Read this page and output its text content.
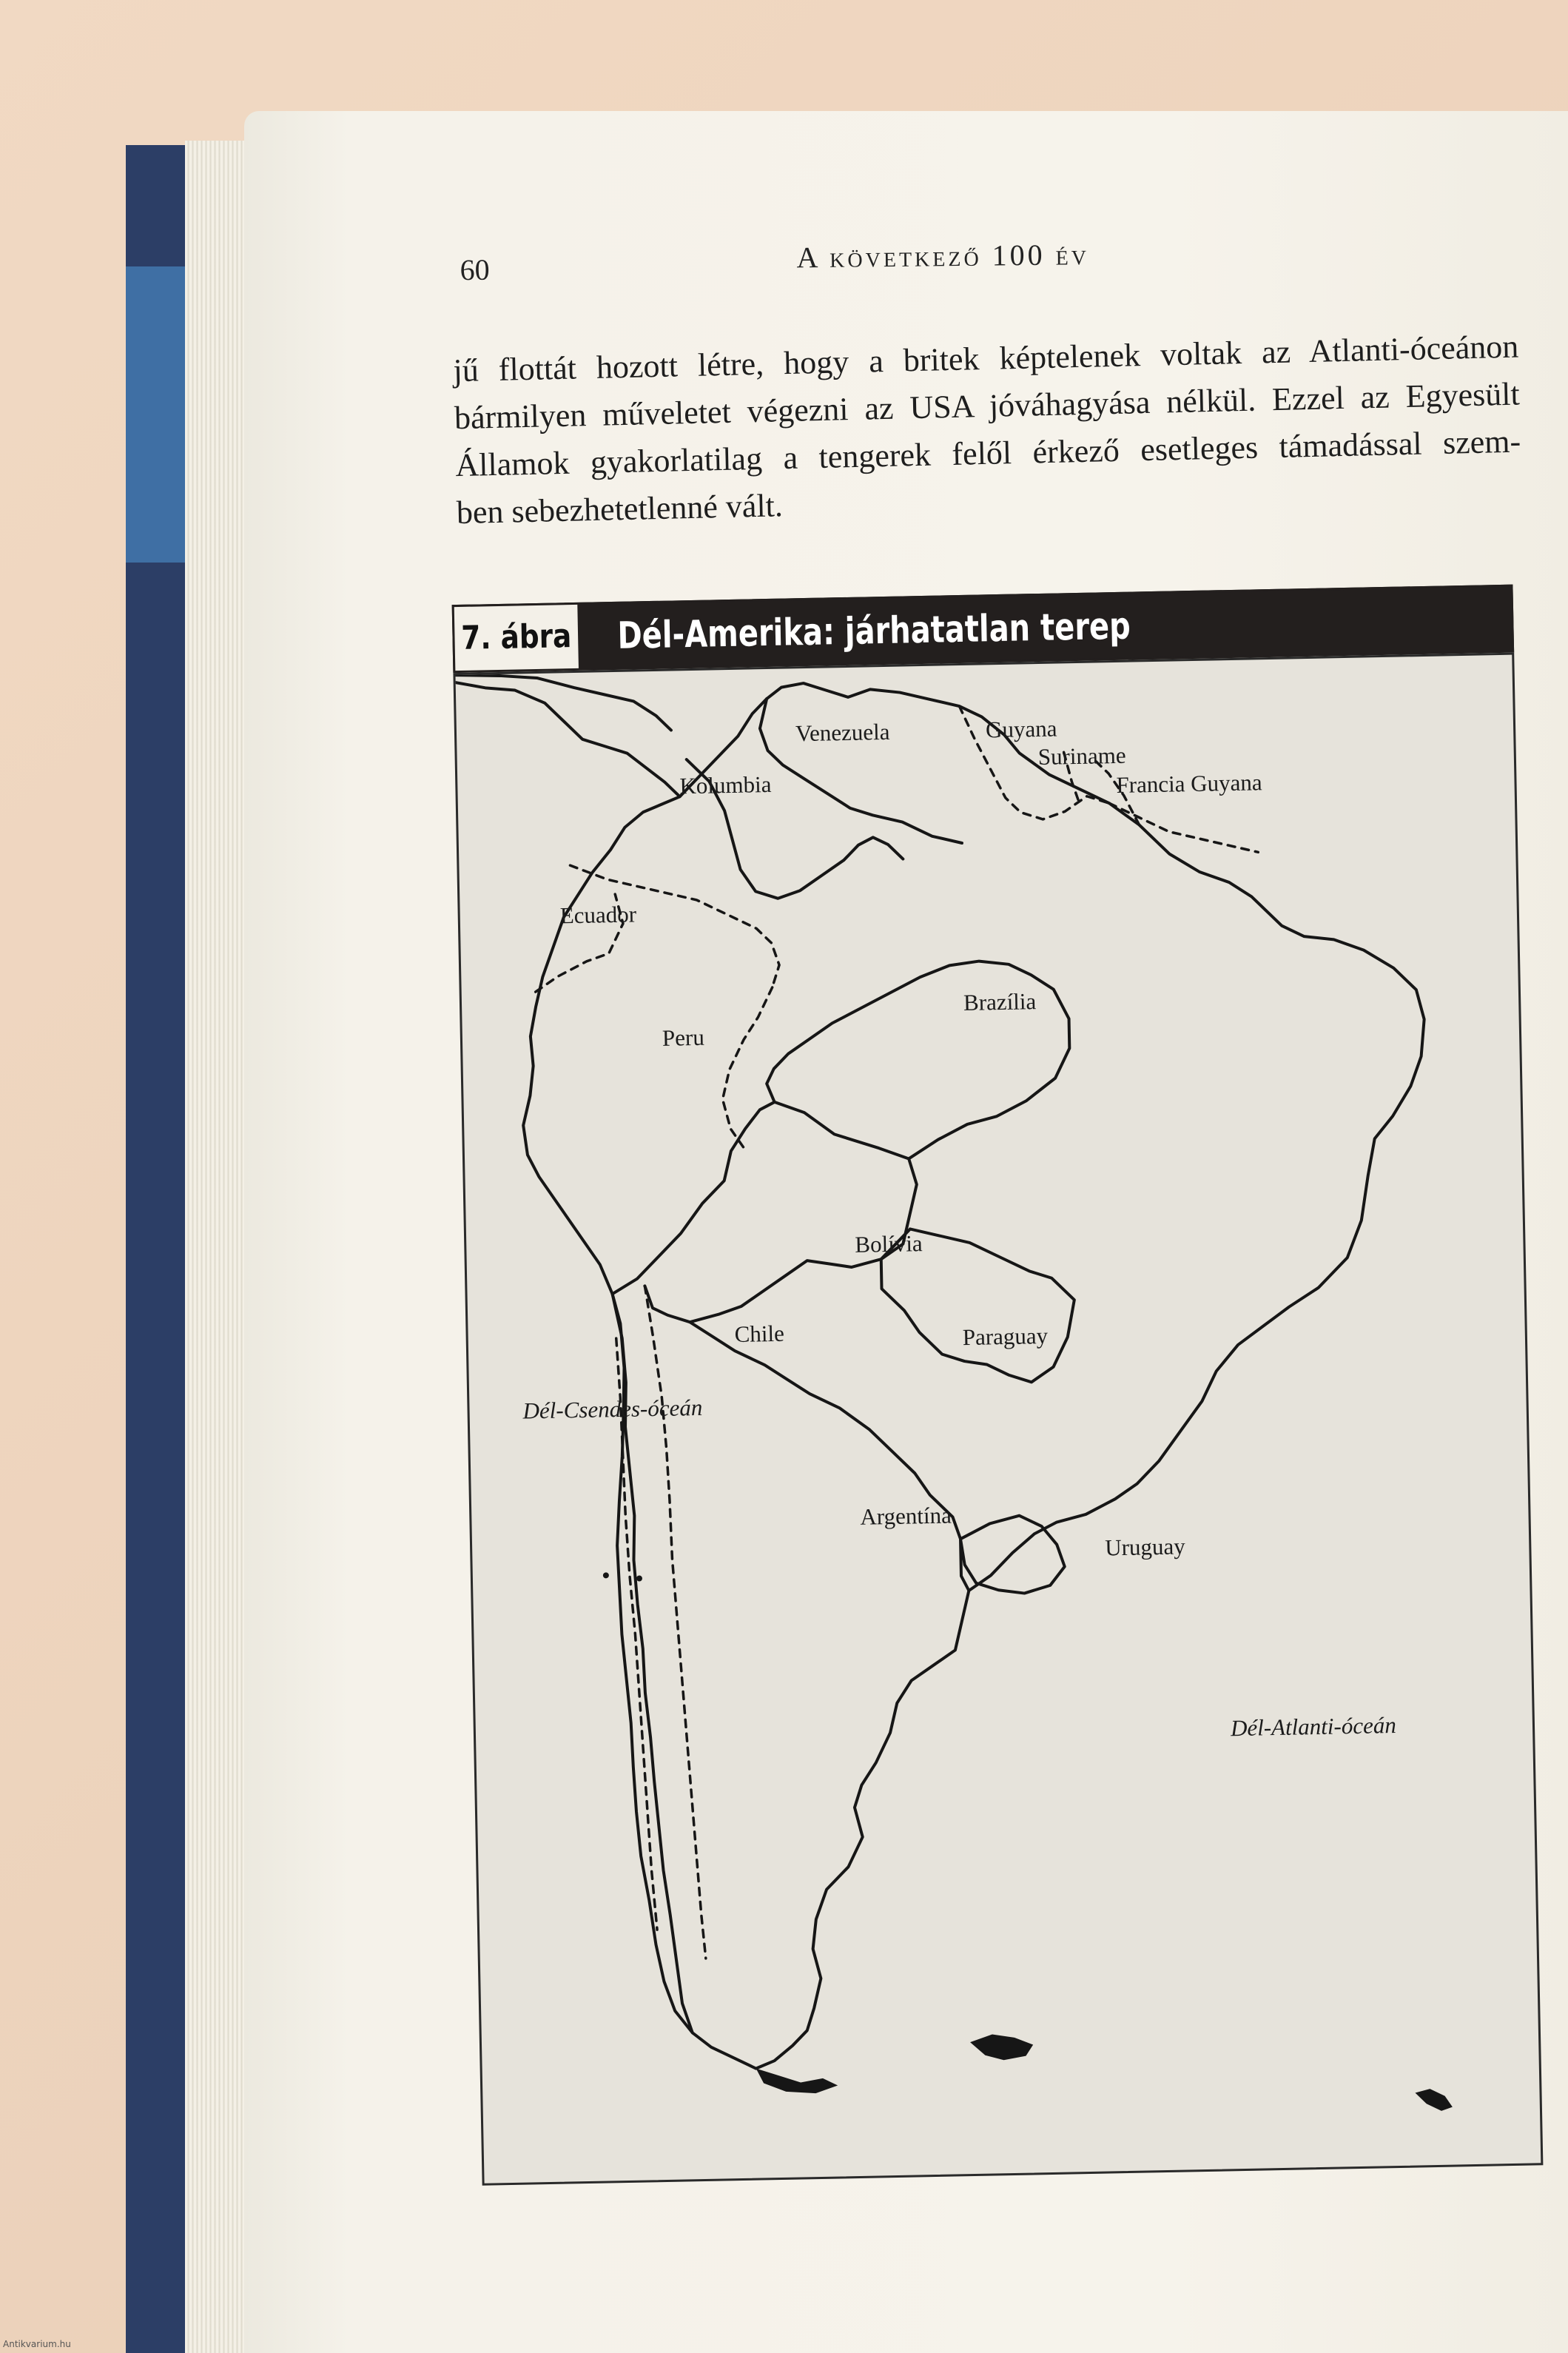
60	A következő 100 év
jű flottát hozott létre, hogy a britek képtelenek voltak az Atlanti-óceánon
bármilyen műveletet végezni az USA jóváhagyása nélkül. Ezzel az Egyesült
Államok gyakorlatilag a tengerek felől érkező esetleges támadással szem-
ben sebezhetetlenné vált.
7. ábra Dél-Amerika: járhatatlan terep
Venezuela	Guyana
Suriname
Francia Guyana
Kolumbia
Ecuador
Brazília
Peru
Bolívia
Chile	Paraguay
Argentína
Uruguay
Dél-Csendes-óceán
Dél-Atlanti-óceán
Antikvarium.hu
